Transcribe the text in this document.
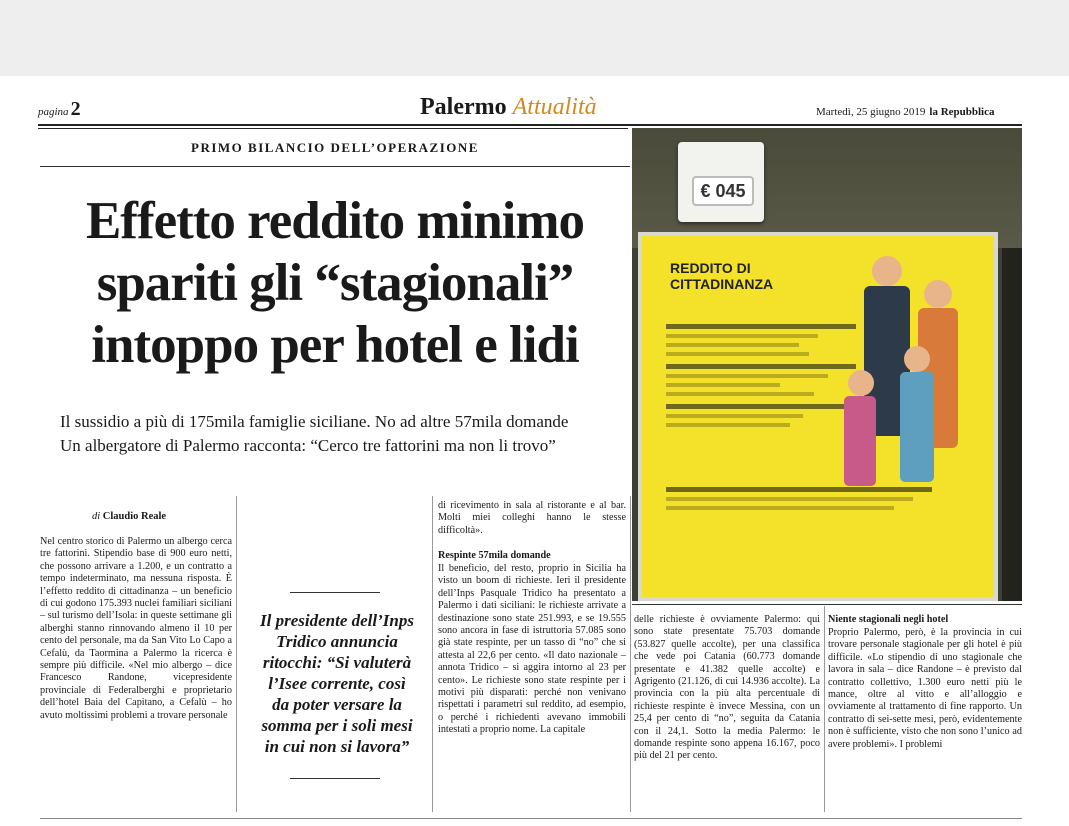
pagina 2	Palermo Attualità	Martedì, 25 giugno 2019 la Repubblica
PRIMO BILANCIO DELL’OPERAZIONE
Effetto reddito minimo
spariti gli “stagionali”
intoppo per hotel e lidi
Il sussidio a più di 175mila famiglie siciliane. No ad altre 57mila domande
Un albergatore di Palermo racconta: “Cerco tre fattorini ma non li trovo”
€ 045
REDDITO DI
CITTADINANZA
di Claudio Reale
Nel centro storico di Palermo un albergo cerca tre fattorini. Stipendio base di 900 euro netti, che possono arrivare a 1.200, e un contratto a tempo indeterminato, ma nessuna risposta. È l’effetto reddito di cittadinanza – un beneficio di cui godono 175.393 nuclei familiari siciliani – sul turismo dell’Isola: in queste settimane gli alberghi stanno rinnovando almeno il 10 per cento del personale, ma da San Vito Lo Capo a Cefalù, da Taormina a Palermo la ricerca è sempre più difficile. «Nel mio albergo – dice Francesco Randone, vicepresidente provinciale di Federalberghi e proprietario dell’hotel Baia del Capitano, a Cefalù – ho avuto moltissimi problemi a trovare personale
Il presidente dell’Inps
Tridico annuncia
ritocchi: “Si valuterà
l’Isee corrente, così
da poter versare la
somma per i soli mesi
in cui non si lavora”
di ricevimento in sala al ristorante e al bar. Molti miei colleghi hanno le stesse difficoltà».
Respinte 57mila domande
Il beneficio, del resto, proprio in Sicilia ha visto un boom di richieste. Ieri il presidente dell’Inps Pasquale Tridico ha presentato a Palermo i dati siciliani: le richieste arrivate a destinazione sono state 251.993, e se 19.555 sono ancora in fase di istruttoria 57.085 sono già state respinte, per un tasso di “no” che si attesta al 22,6 per cento. «Il dato nazionale – annota Tridico – si aggira intorno al 23 per cento». Le richieste sono state respinte per i motivi più disparati: perché non venivano rispettati i parametri sul reddito, ad esempio, o perché i richiedenti avevano immobili intestati a proprio nome. La capitale
delle richieste è ovviamente Palermo: qui sono state presentate 75.703 domande (53.827 quelle accolte), per una classifica che vede poi Catania (60.773 domande presentate e 41.382 quelle accolte) e Agrigento (21.126, di cui 14.936 accolte). La provincia con la più alta percentuale di richieste respinte è invece Messina, con un 25,4 per cento di “no”, seguita da Catania con il 24,1. Sotto la media Palermo: le domande respinte sono appena 16.167, poco più del 21 per cento.
Niente stagionali negli hotel
Proprio Palermo, però, è la provincia in cui trovare personale stagionale per gli hotel è più difficile. «Lo stipendio di uno stagionale che lavora in sala – dice Randone – è previsto dal contratto collettivo, 1.300 euro netti più le mance, oltre al vitto e all’alloggio e ovviamente al trattamento di fine rapporto. Un contratto di sei-sette mesi, però, evidentemente non è sufficiente, visto che non sono l’unico ad avere problemi». I problemi
